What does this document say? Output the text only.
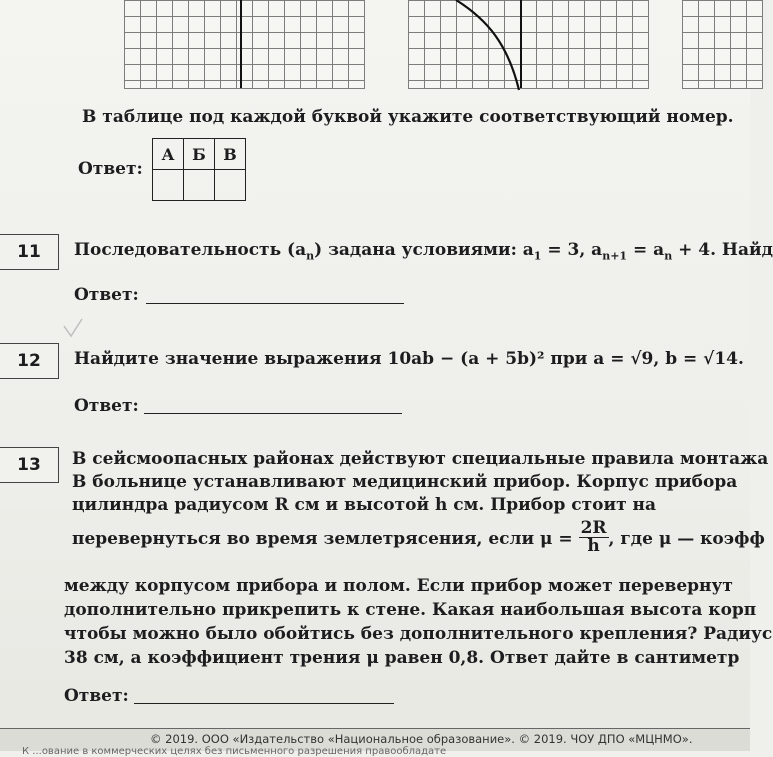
В таблице под каждой буквой укажите соответствующий номер.
Ответ:
А	Б	В

11	Последовательность $(a_n)$ задана условиями: $a_1 = 3$, $a_{n+1} = a_n + 4$. Найд
Ответ:
12	Найдите значение выражения 10ab − (a + 5b)² при a = √9, b = √14.
Ответ:
13	В сейсмоопасных районах действуют специальные правила монтажа
В больнице устанавливают медицинский прибор. Корпус прибора
цилиндра радиусом R см и высотой h см. Прибор стоит на
перевернуться во время землетрясения, если $\mu = \frac{2R}{h}$ , где μ — коэфф
между корпусом прибора и полом. Если прибор может перевернут
дополнительно прикрепить к стене. Какая наибольшая высота корп
чтобы можно было обойтись без дополнительного крепления? Радиус
38 см, а коэффициент трения μ равен 0,8. Ответ дайте в сантиметр
Ответ:
© 2019. ООО «Издательство «Национальное образование». © 2019. ЧОУ ДПО «МЦНМО».
К ...ование в коммерческих целях без письменного разрешения правообладате
